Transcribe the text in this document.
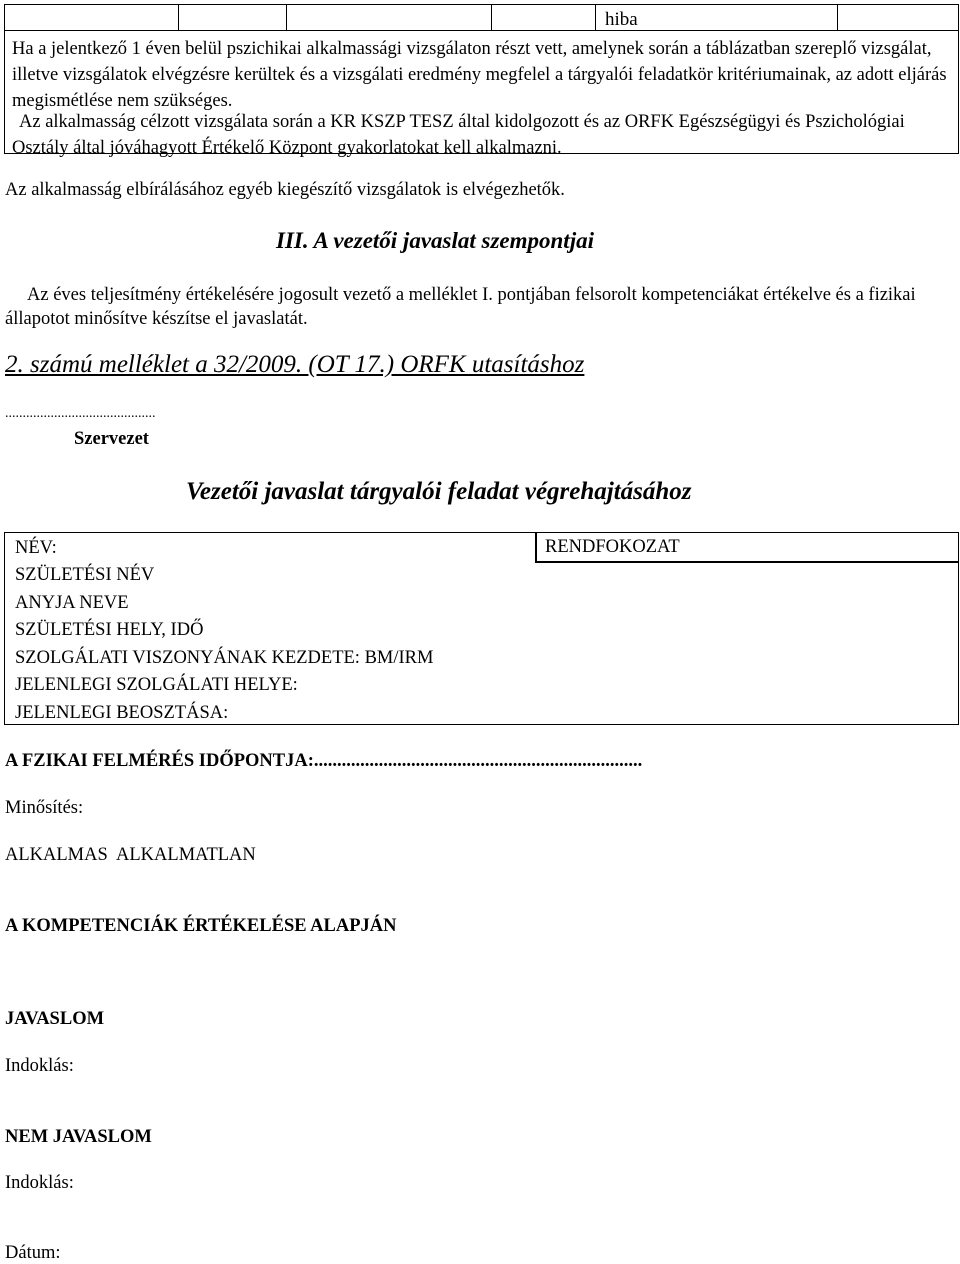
hiba
Ha a jelentkező 1 éven belül pszichikai alkalmassági vizsgálaton részt vett, amelynek során a táblázatban szereplő vizsgálat, illetve vizsgálatok elvégzésre kerültek és a vizsgálati eredmény megfelel a tárgyalói feladatkör kritériumainak, az adott eljárás megismétlése nem szükséges.
Az alkalmasság célzott vizsgálata során a KR KSZP TESZ által kidolgozott és az ORFK Egészségügyi és Pszichológiai Osztály által jóváhagyott Értékelő Központ gyakorlatokat kell alkalmazni.
Az alkalmasság elbírálásához egyéb kiegészítő vizsgálatok is elvégezhetők.
III. A vezetői javaslat szempontjai
Az éves teljesítmény értékelésére jogosult vezető a melléklet I. pontjában felsorolt kompetenciákat értékelve és a fizikai állapotot minősítve készítse el javaslatát.
2. számú melléklet a 32/2009. (OT 17.) ORFK utasításhoz
...........................................
Szervezet
Vezetői javaslat tárgyalói feladat végrehajtásához
RENDFOKOZAT
NÉV:
SZÜLETÉSI NÉV
ANYJA NEVE
SZÜLETÉSI HELY, IDŐ
SZOLGÁLATI VISZONYÁNAK KEZDETE: BM/IRM
JELENLEGI SZOLGÁLATI HELYE:
JELENLEGI BEOSZTÁSA:
A FZIKAI FELMÉRÉS IDŐPONTJA:.......................................................................
Minősítés:
ALKALMAS  ALKALMATLAN
A KOMPETENCIÁK ÉRTÉKELÉSE ALAPJÁN
JAVASLOM
Indoklás:
NEM JAVASLOM
Indoklás:
Dátum:
